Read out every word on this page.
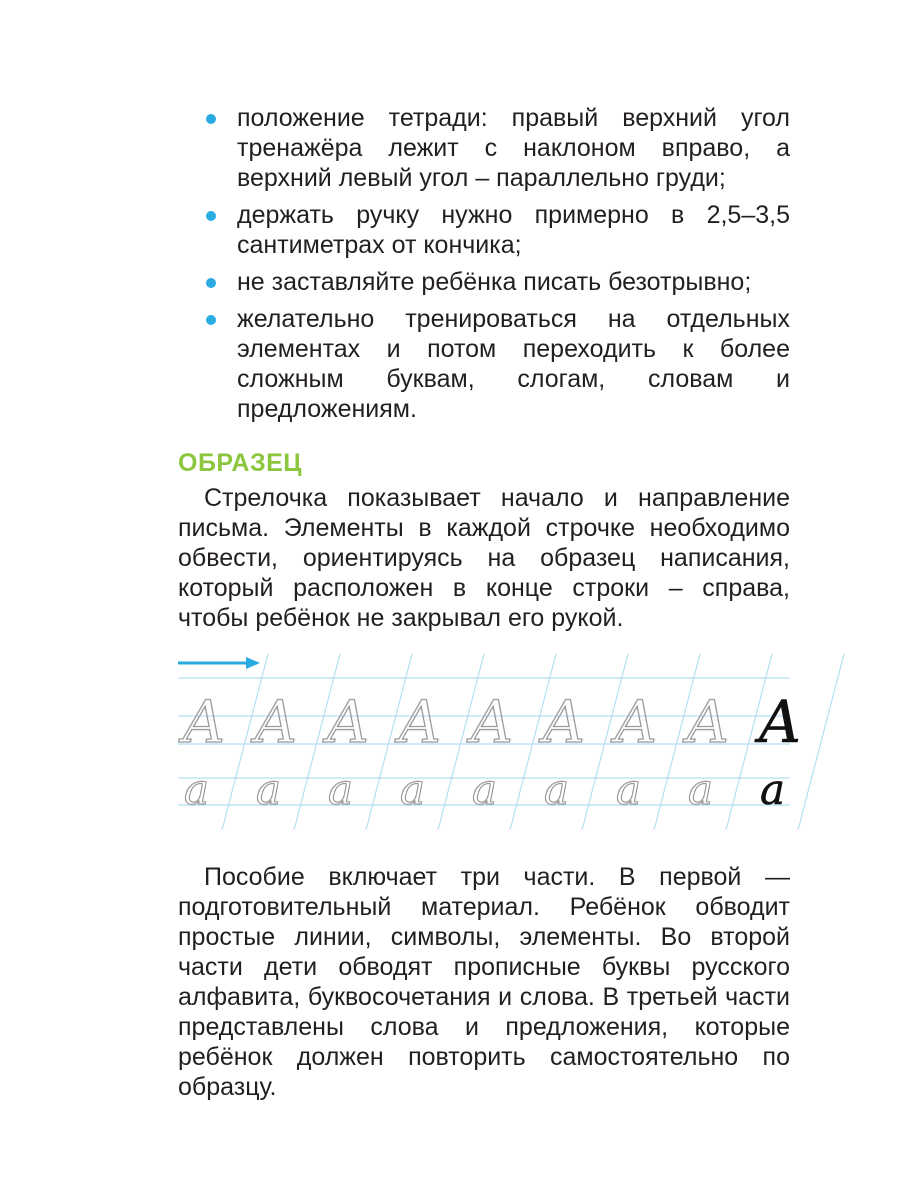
положение тетради: правый верхний угол тренажёра лежит с наклоном вправо, а верхний левый угол – параллельно груди;
держать ручку нужно примерно в 2,5–3,5 сантиметрах от кончика;
не заставляйте ребёнка писать безотрывно;
желательно тренироваться на отдельных элементах и потом переходить к более сложным буквам, слогам, словам и предложениям.
ОБРАЗЕЦ

Стрелочка показывает начало и направление письма. Элементы в каждой строчке необходимо обвести, ориентируясь на образец написания, который расположен в конце строки – справа, чтобы ребёнок не закрывал его рукой.

А А А А А А А А А
а а а а а а а а а

Пособие включает три части. В первой — подготовительный материал. Ребёнок обводит простые линии, символы, элементы. Во второй части дети обводят прописные буквы русского алфавита, буквосочетания и слова. В третьей части представлены слова и предложения, которые ребёнок должен повторить самостоятельно по образцу.
